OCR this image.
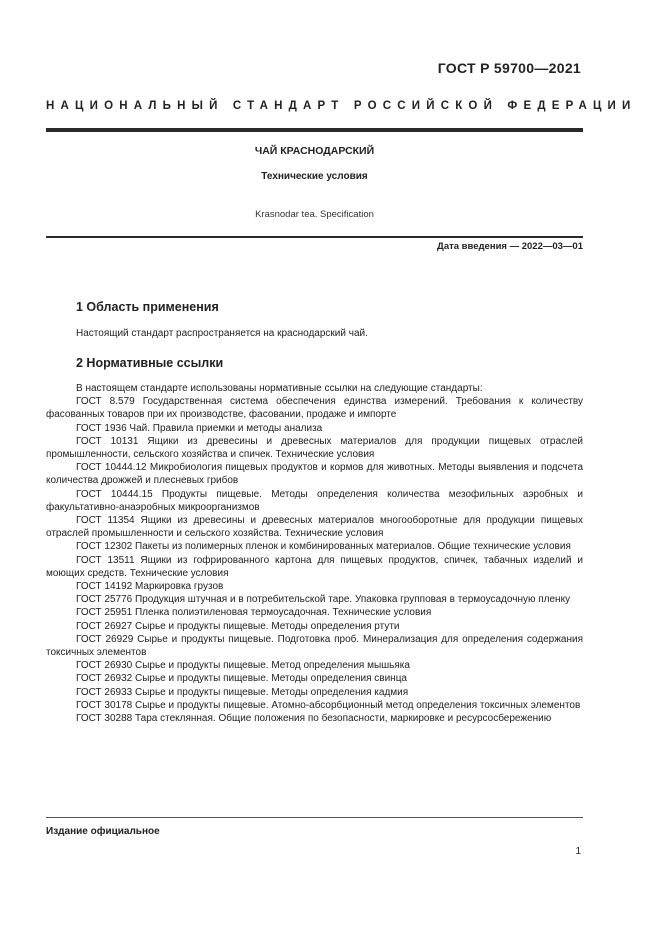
ГОСТ Р 59700—2021
НАЦИОНАЛЬНЫЙ СТАНДАРТ РОССИЙСКОЙ ФЕДЕРАЦИИ
ЧАЙ КРАСНОДАРСКИЙ
Технические условия
Krasnodar tea. Specification
Дата введения — 2022—03—01
1 Область применения

Настоящий стандарт распространяется на краснодарский чай.

2 Нормативные ссылки

В настоящем стандарте использованы нормативные ссылки на следующие стандарты:

ГОСТ 8.579 Государственная система обеспечения единства измерений. Требования к количеству фасованных товаров при их производстве, фасовании, продаже и импорте

ГОСТ 1936 Чай. Правила приемки и методы анализа

ГОСТ 10131 Ящики из древесины и древесных материалов для продукции пищевых отраслей промышленности, сельского хозяйства и спичек. Технические условия

ГОСТ 10444.12 Микробиология пищевых продуктов и кормов для животных. Методы выявления и подсчета количества дрожжей и плесневых грибов

ГОСТ 10444.15 Продукты пищевые. Методы определения количества мезофильных аэробных и факультативно-анаэробных микроорганизмов

ГОСТ 11354 Ящики из древесины и древесных материалов многооборотные для продукции пищевых отраслей промышленности и сельского хозяйства. Технические условия

ГОСТ 12302 Пакеты из полимерных пленок и комбинированных материалов. Общие технические условия

ГОСТ 13511 Ящики из гофрированного картона для пищевых продуктов, спичек, табачных изделий и моющих средств. Технические условия

ГОСТ 14192 Маркировка грузов

ГОСТ 25776 Продукция штучная и в потребительской таре. Упаковка групповая в термоусадочную пленку

ГОСТ 25951 Пленка полиэтиленовая термоусадочная. Технические условия

ГОСТ 26927 Сырье и продукты пищевые. Методы определения ртути

ГОСТ 26929 Сырье и продукты пищевые. Подготовка проб. Минерализация для определения содержания токсичных элементов

ГОСТ 26930 Сырье и продукты пищевые. Метод определения мышьяка

ГОСТ 26932 Сырье и продукты пищевые. Методы определения свинца

ГОСТ 26933 Сырье и продукты пищевые. Методы определения кадмия

ГОСТ 30178 Сырье и продукты пищевые. Атомно-абсорбционный метод определения токсичных элементов

ГОСТ 30288 Тара стеклянная. Общие положения по безопасности, маркировке и ресурсосбережению

Издание официальное
1
